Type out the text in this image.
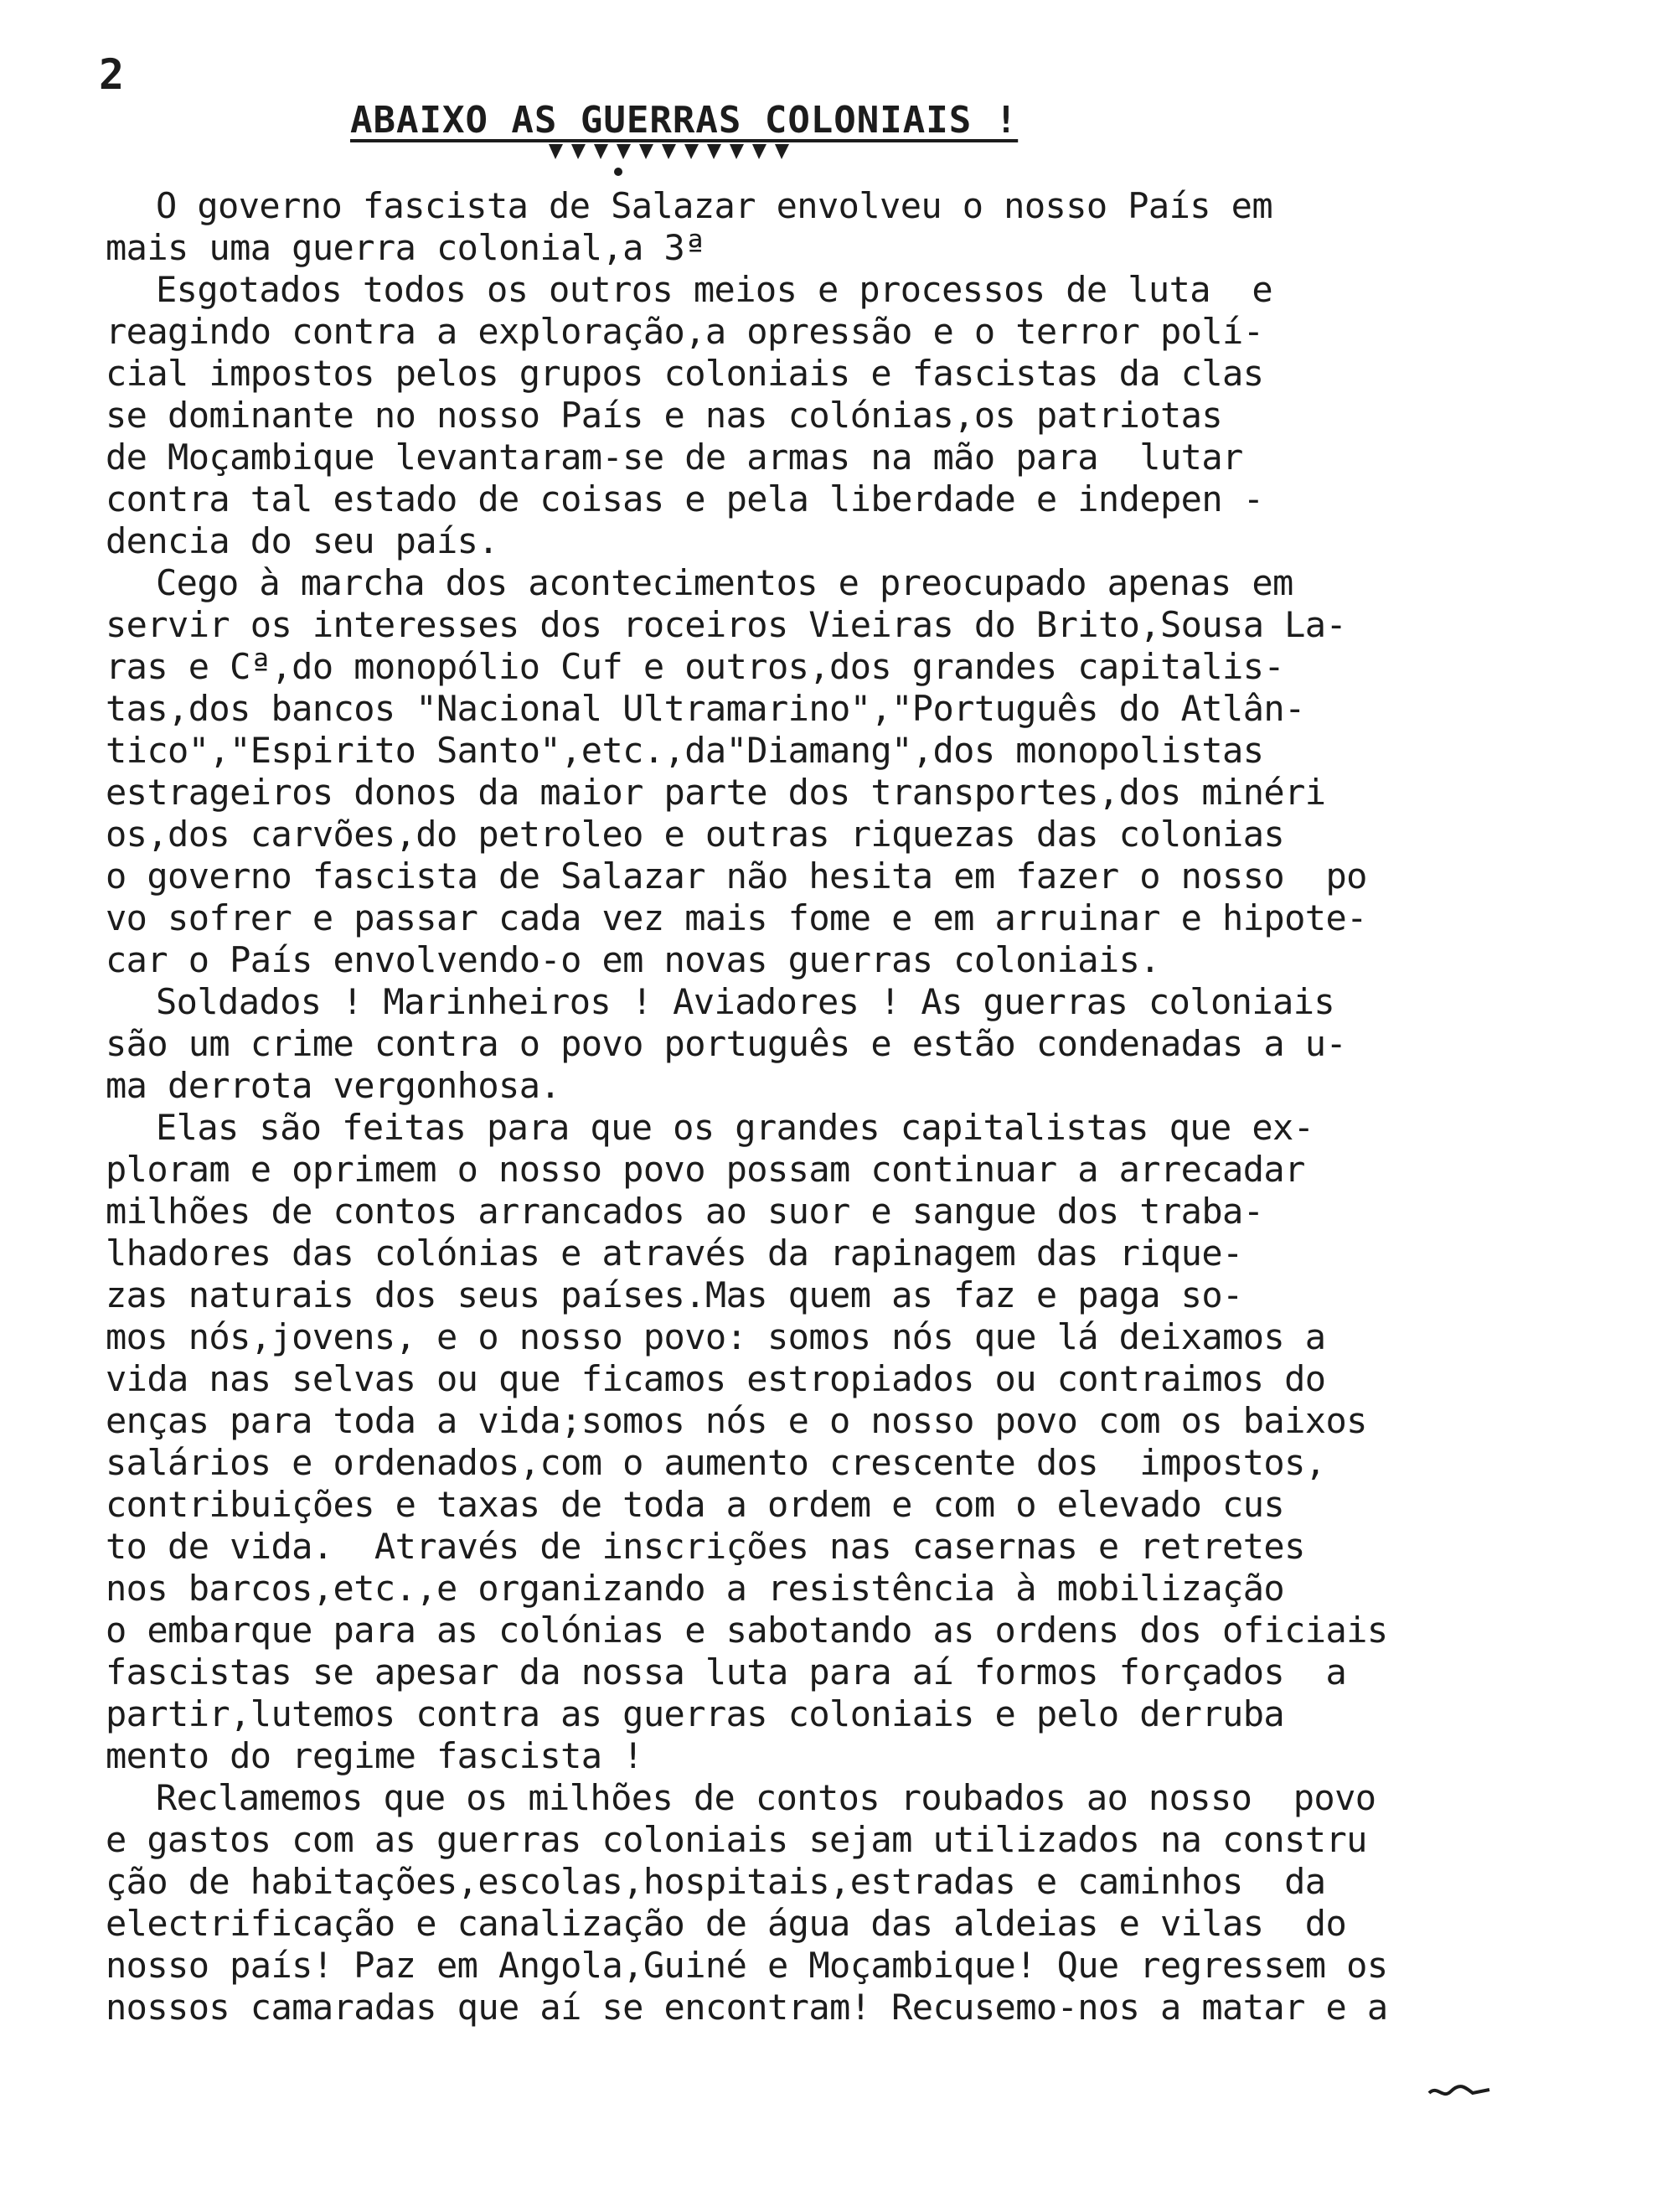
2
ABAIXO AS GUERRAS COLONIAIS !
O governo fascista de Salazar envolveu o nosso País em
mais uma guerra colonial,a 3ª
Esgotados todos os outros meios e processos de luta  e
reagindo contra a exploração,a opressão e o terror polí-
cial impostos pelos grupos coloniais e fascistas da clas
se dominante no nosso País e nas colónias,os patriotas
de Moçambique levantaram-se de armas na mão para  lutar
contra tal estado de coisas e pela liberdade e indepen -
dencia do seu país.
Cego à marcha dos acontecimentos e preocupado apenas em
servir os interesses dos roceiros Vieiras do Brito,Sousa La-
ras e Cª,do monopólio Cuf e outros,dos grandes capitalis-
tas,dos bancos "Nacional Ultramarino","Português do Atlân-
tico","Espirito Santo",etc.,da"Diamang",dos monopolistas
estrageiros donos da maior parte dos transportes,dos minéri
os,dos carvões,do petroleo e outras riquezas das colonias
o governo fascista de Salazar não hesita em fazer o nosso  po
vo sofrer e passar cada vez mais fome e em arruinar e hipote-
car o País envolvendo-o em novas guerras coloniais.
Soldados ! Marinheiros ! Aviadores ! As guerras coloniais
são um crime contra o povo português e estão condenadas a u-
ma derrota vergonhosa.
Elas são feitas para que os grandes capitalistas que ex-
ploram e oprimem o nosso povo possam continuar a arrecadar
milhões de contos arrancados ao suor e sangue dos traba-
lhadores das colónias e através da rapinagem das rique-
zas naturais dos seus países.Mas quem as faz e paga so-
mos nós,jovens, e o nosso povo: somos nós que lá deixamos a
vida nas selvas ou que ficamos estropiados ou contraimos do
enças para toda a vida;somos nós e o nosso povo com os baixos
salários e ordenados,com o aumento crescente dos  impostos,
contribuições e taxas de toda a ordem e com o elevado cus
to de vida.  Através de inscrições nas casernas e retretes
nos barcos,etc.,e organizando a resistência à mobilização
o embarque para as colónias e sabotando as ordens dos oficiais
fascistas se apesar da nossa luta para aí formos forçados  a
partir,lutemos contra as guerras coloniais e pelo derruba
mento do regime fascista !
Reclamemos que os milhões de contos roubados ao nosso  povo
e gastos com as guerras coloniais sejam utilizados na constru
ção de habitações,escolas,hospitais,estradas e caminhos  da
electrificação e canalização de água das aldeias e vilas  do
nosso país! Paz em Angola,Guiné e Moçambique! Que regressem os
nossos camaradas que aí se encontram! Recusemo-nos a matar e a
